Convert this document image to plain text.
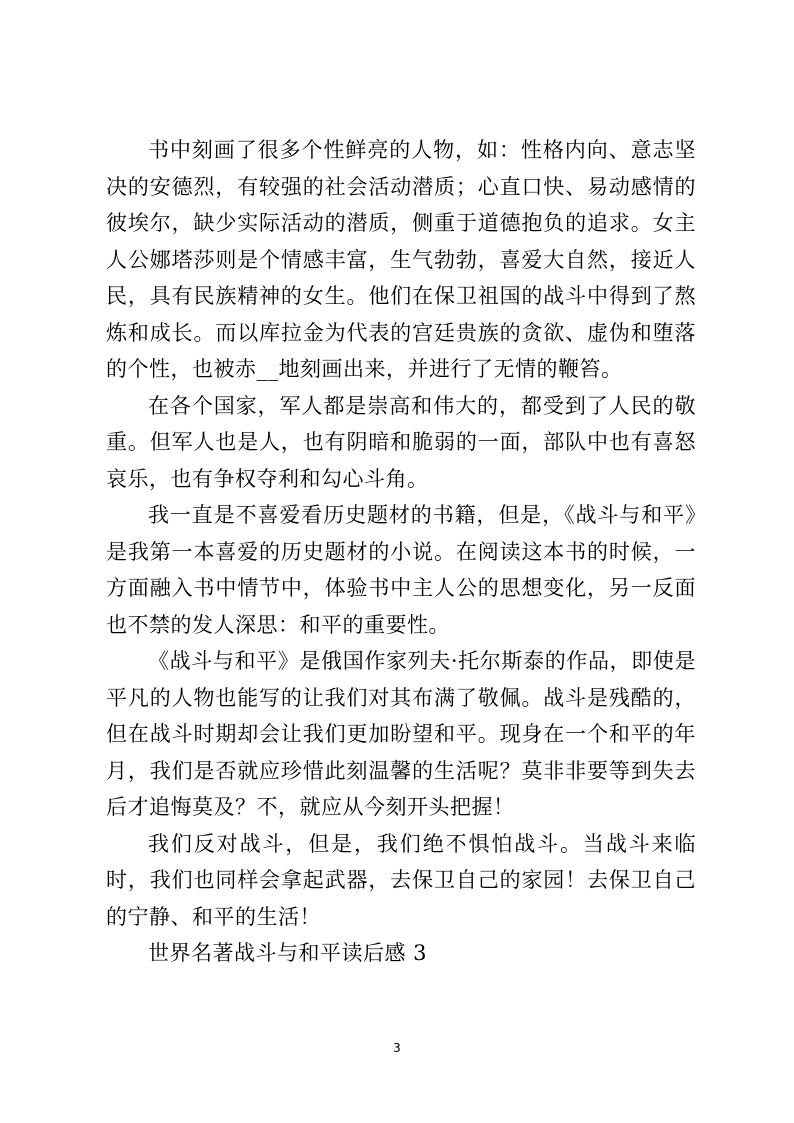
书中刻画了很多个性鲜亮的人物，如：性格内向、意志坚决的安德烈，有较强的社会活动潜质；心直口快、易动感情的彼埃尔，缺少实际活动的潜质，侧重于道德抱负的追求。女主人公娜塔莎则是个情感丰富，生气勃勃，喜爱大自然，接近人民，具有民族精神的女生。他们在保卫祖国的战斗中得到了熬炼和成长。而以库拉金为代表的宫廷贵族的贪欲、虚伪和堕落的个性，也被赤__地刻画出来，并进行了无情的鞭笞。

在各个国家，军人都是崇高和伟大的，都受到了人民的敬重。但军人也是人，也有阴暗和脆弱的一面，部队中也有喜怒哀乐，也有争权夺利和勾心斗角。

我一直是不喜爱看历史题材的书籍，但是，《战斗与和平》是我第一本喜爱的历史题材的小说。在阅读这本书的时候，一方面融入书中情节中，体验书中主人公的思想变化，另一反面也不禁的发人深思：和平的重要性。

《战斗与和平》是俄国作家列夫·托尔斯泰的作品，即使是平凡的人物也能写的让我们对其布满了敬佩。战斗是残酷的，但在战斗时期却会让我们更加盼望和平。现身在一个和平的年月，我们是否就应珍惜此刻温馨的生活呢？莫非非要等到失去后才追悔莫及？不，就应从今刻开头把握！

我们反对战斗，但是，我们绝不惧怕战斗。当战斗来临时，我们也同样会拿起武器，去保卫自己的家园！去保卫自己的宁静、和平的生活！

世界名著战斗与和平读后感 3

3
